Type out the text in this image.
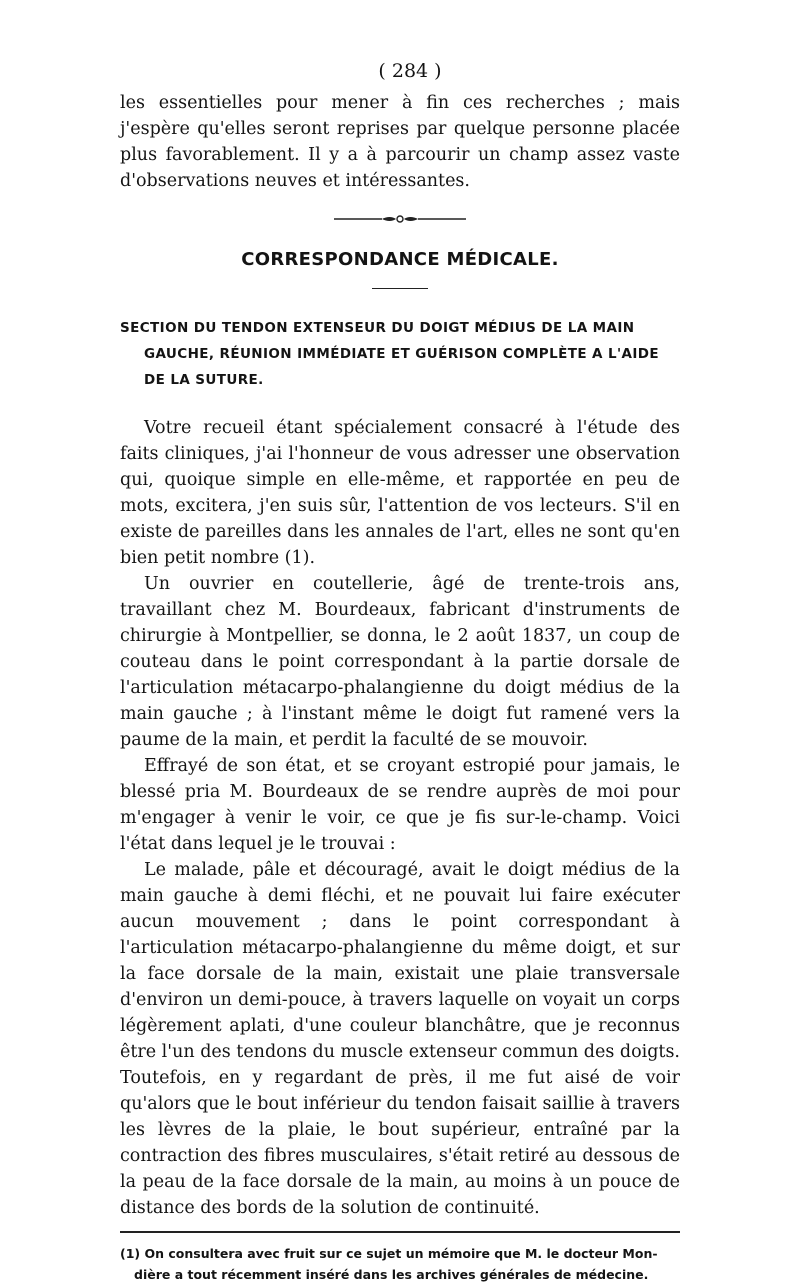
( 284 )

les essentielles pour mener à fin ces recherches ; mais j'espère qu'elles seront reprises par quelque personne placée plus favorablement. Il y a à parcourir un champ assez vaste d'observations neuves et intéressantes.

CORRESPONDANCE MÉDICALE.
SECTION DU TENDON EXTENSEUR DU DOIGT MÉDIUS DE LA MAIN
GAUCHE, RÉUNION IMMÉDIATE ET GUÉRISON COMPLÈTE A L'AIDE
DE LA SUTURE.

Votre recueil étant spécialement consacré à l'étude des faits cliniques, j'ai l'honneur de vous adresser une observation qui, quoique simple en elle-même, et rapportée en peu de mots, excitera, j'en suis sûr, l'attention de vos lecteurs. S'il en existe de pareilles dans les annales de l'art, elles ne sont qu'en bien petit nombre (1).

Un ouvrier en coutellerie, âgé de trente-trois ans, travaillant chez M. Bourdeaux, fabricant d'instruments de chirurgie à Montpellier, se donna, le 2 août 1837, un coup de couteau dans le point correspondant à la partie dorsale de l'articulation métacarpo-phalangienne du doigt médius de la main gauche ; à l'instant même le doigt fut ramené vers la paume de la main, et perdit la faculté de se mouvoir.

Effrayé de son état, et se croyant estropié pour jamais, le blessé pria M. Bourdeaux de se rendre auprès de moi pour m'engager à venir le voir, ce que je fis sur-le-champ. Voici l'état dans lequel je le trouvai :

Le malade, pâle et découragé, avait le doigt médius de la main gauche à demi fléchi, et ne pouvait lui faire exécuter aucun mouvement ; dans le point correspondant à l'articulation métacarpo-phalangienne du même doigt, et sur la face dorsale de la main, existait une plaie transversale d'environ un demi-pouce, à travers laquelle on voyait un corps légèrement aplati, d'une couleur blanchâtre, que je reconnus être l'un des tendons du muscle extenseur commun des doigts. Toutefois, en y regardant de près, il me fut aisé de voir qu'alors que le bout inférieur du tendon faisait saillie à travers les lèvres de la plaie, le bout supérieur, entraîné par la contraction des fibres musculaires, s'était retiré au dessous de la peau de la face dorsale de la main, au moins à un pouce de distance des bords de la solution de continuité.

(1) On consultera avec fruit sur ce sujet un mémoire que M. le docteur Mon-
dière a tout récemment inséré dans les archives générales de médecine.
